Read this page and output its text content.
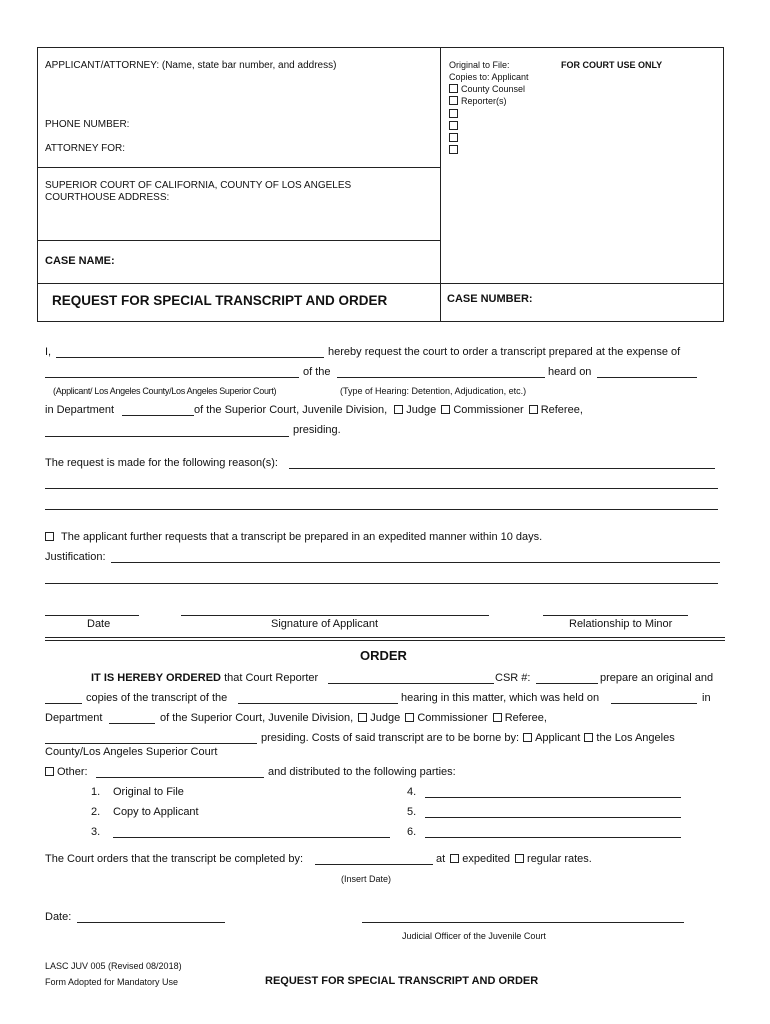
APPLICANT/ATTORNEY: (Name, state bar number, and address)
PHONE NUMBER:
ATTORNEY FOR:
SUPERIOR COURT OF CALIFORNIA, COUNTY OF LOS ANGELES
COURTHOUSE ADDRESS:
CASE NAME:
REQUEST FOR SPECIAL TRANSCRIPT AND ORDER	CASE NUMBER:
Original to File:	FOR COURT USE ONLY
Copies to: Applicant
County Counsel
Reporter(s)
I,	hereby request the court to order a transcript prepared at the expense of
of the	heard on
(Applicant/ Los Angeles County/Los Angeles Superior Court)	(Type of Hearing: Detention, Adjudication, etc.)
in Department	of the Superior Court, Juvenile Division, Judge Commissioner Referee,
presiding.
The request is made for the following reason(s):
The applicant further requests that a transcript be prepared in an expedited manner within 10 days.
Justification:
Date	Signature of Applicant	Relationship to Minor
ORDER
IT IS HEREBY ORDERED that Court Reporter	CSR #:	prepare an original and
copies of the transcript of the	hearing in this matter, which was held on	in
Department	of the Superior Court, Juvenile Division, Judge Commissioner Referee,
presiding. Costs of said transcript are to be borne by: Applicant the Los Angeles
County/Los Angeles Superior Court
Other:	and distributed to the following parties:
1. Original to File
2. Copy to Applicant
3.
4.
5.
6.
The Court orders that the transcript be completed by:	at expedited regular rates.
(Insert Date)
Date:
Judicial Officer of the Juvenile Court
LASC JUV 005 (Revised 08/2018)
Form Adopted for Mandatory Use	REQUEST FOR SPECIAL TRANSCRIPT AND ORDER
